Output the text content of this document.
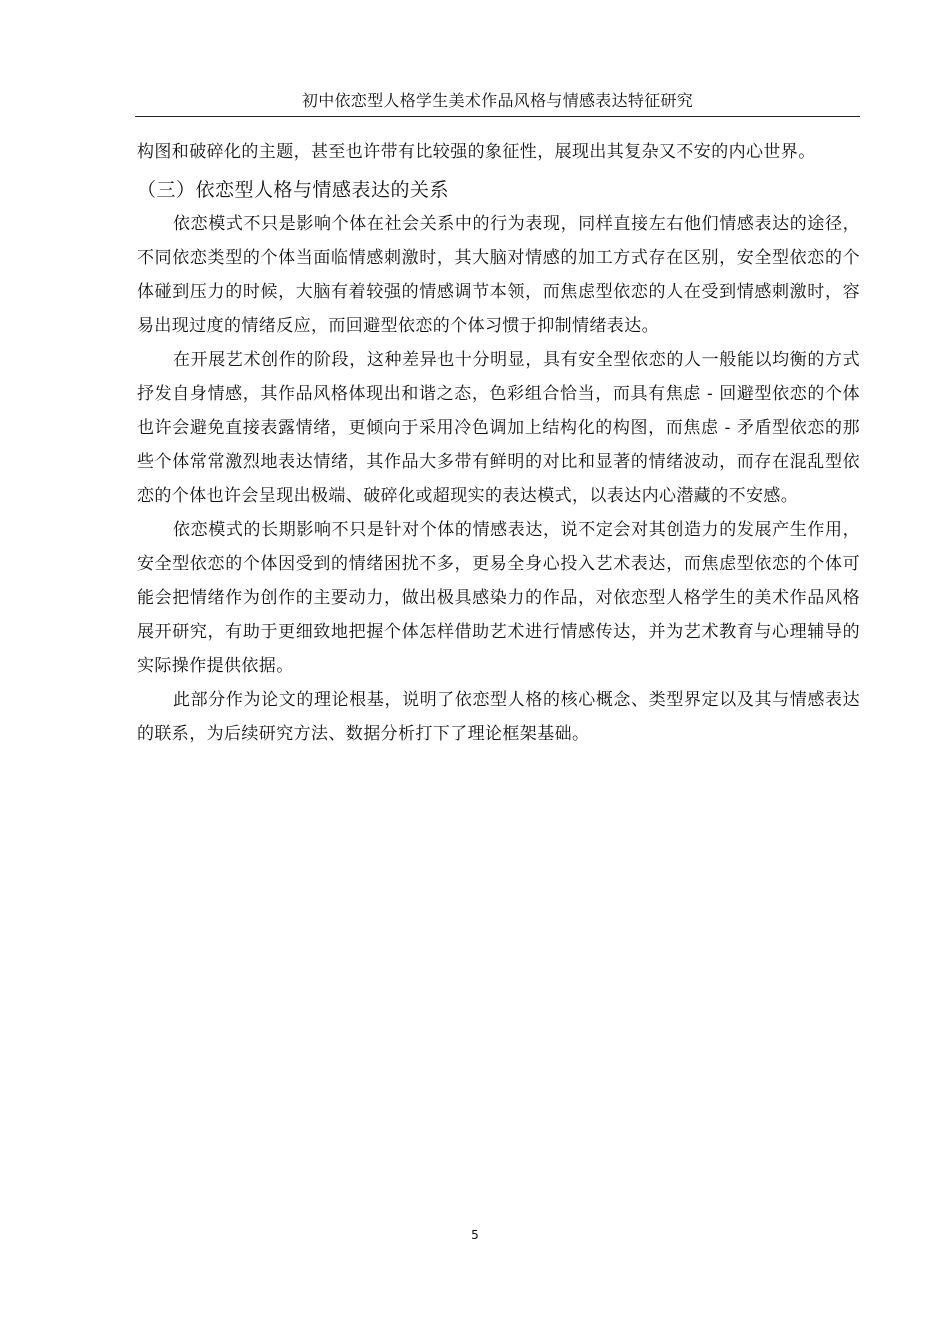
初中依恋型人格学生美术作品风格与情感表达特征研究

构图和破碎化的主题，甚至也许带有比较强的象征性，展现出其复杂又不安的内心世界。

（三）依恋型人格与情感表达的关系

依恋模式不只是影响个体在社会关系中的行为表现，同样直接左右他们情感表达的途径，不同依恋类型的个体当面临情感刺激时，其大脑对情感的加工方式存在区别，安全型依恋的个体碰到压力的时候，大脑有着较强的情感调节本领，而焦虑型依恋的人在受到情感刺激时，容易出现过度的情绪反应，而回避型依恋的个体习惯于抑制情绪表达。

在开展艺术创作的阶段，这种差异也十分明显，具有安全型依恋的人一般能以均衡的方式抒发自身情感，其作品风格体现出和谐之态，色彩组合恰当，而具有焦虑 - 回避型依恋的个体也许会避免直接表露情绪，更倾向于采用冷色调加上结构化的构图，而焦虑 - 矛盾型依恋的那些个体常常激烈地表达情绪，其作品大多带有鲜明的对比和显著的情绪波动，而存在混乱型依恋的个体也许会呈现出极端、破碎化或超现实的表达模式，以表达内心潜藏的不安感。

依恋模式的长期影响不只是针对个体的情感表达，说不定会对其创造力的发展产生作用，安全型依恋的个体因受到的情绪困扰不多，更易全身心投入艺术表达，而焦虑型依恋的个体可能会把情绪作为创作的主要动力，做出极具感染力的作品，对依恋型人格学生的美术作品风格展开研究，有助于更细致地把握个体怎样借助艺术进行情感传达，并为艺术教育与心理辅导的实际操作提供依据。

此部分作为论文的理论根基，说明了依恋型人格的核心概念、类型界定以及其与情感表达的联系，为后续研究方法、数据分析打下了理论框架基础。

5
